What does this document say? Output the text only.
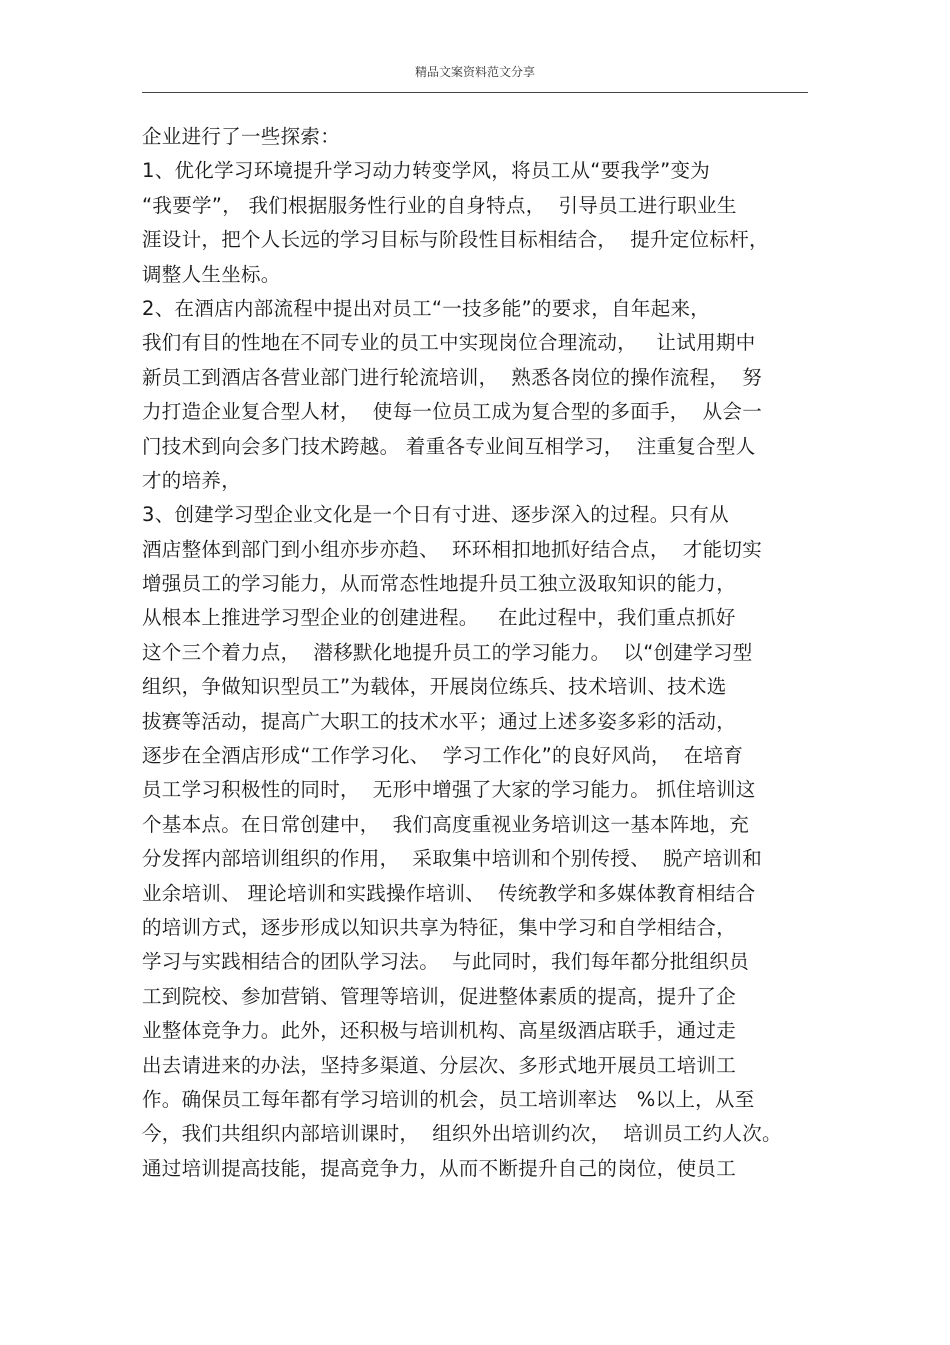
精品文案资料范文分享
企业进行了一些探索：
1、优化学习环境提升学习动力转变学风，将员工从“要我学”变为
“我要学”， 我们根据服务性行业的自身特点，  引导员工进行职业生
涯设计，把个人长远的学习目标与阶段性目标相结合，  提升定位标杆，
调整人生坐标。
2、在酒店内部流程中提出对员工“一技多能”的要求，自年起来，
我们有目的性地在不同专业的员工中实现岗位合理流动，   让试用期中
新员工到酒店各营业部门进行轮流培训，  熟悉各岗位的操作流程，  努
力打造企业复合型人材，  使每一位员工成为复合型的多面手，  从会一
门技术到向会多门技术跨越。 着重各专业间互相学习，  注重复合型人
才的培养，
3、创建学习型企业文化是一个日有寸进、逐步深入的过程。只有从
酒店整体到部门到小组亦步亦趋、  环环相扣地抓好结合点，  才能切实
增强员工的学习能力，从而常态性地提升员工独立汲取知识的能力，
从根本上推进学习型企业的创建进程。   在此过程中，我们重点抓好
这个三个着力点，  潜移默化地提升员工的学习能力。  以“创建学习型
组织，争做知识型员工”为载体，开展岗位练兵、技术培训、技术选
拔赛等活动，提高广大职工的技术水平；通过上述多姿多彩的活动，
逐步在全酒店形成“工作学习化、  学习工作化”的良好风尚，  在培育
员工学习积极性的同时，  无形中增强了大家的学习能力。 抓住培训这
个基本点。在日常创建中，  我们高度重视业务培训这一基本阵地，充
分发挥内部培训组织的作用，  采取集中培训和个别传授、  脱产培训和
业余培训、 理论培训和实践操作培训、  传统教学和多媒体教育相结合
的培训方式，逐步形成以知识共享为特征，集中学习和自学相结合，
学习与实践相结合的团队学习法。  与此同时，我们每年都分批组织员
工到院校、参加营销、管理等培训，促进整体素质的提高，提升了企
业整体竞争力。此外，还积极与培训机构、高星级酒店联手，通过走
出去请进来的办法，坚持多渠道、分层次、多形式地开展员工培训工
作。确保员工每年都有学习培训的机会，员工培训率达   %以上，从至
今，我们共组织内部培训课时，  组织外出培训约次，  培训员工约人次。
通过培训提高技能，提高竞争力，从而不断提升自己的岗位，使员工
